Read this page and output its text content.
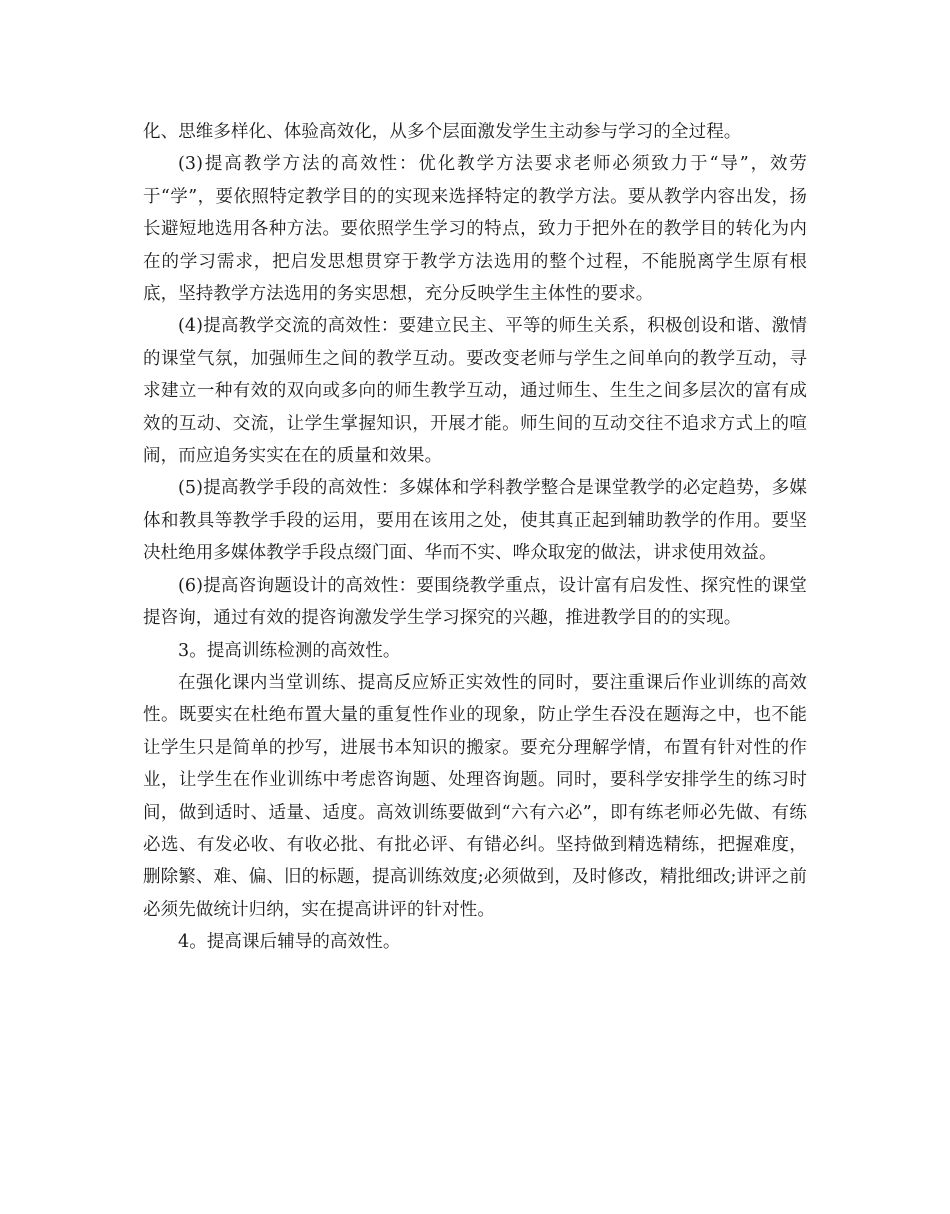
化、思维多样化、体验高效化，从多个层面激发学生主动参与学习的全过程。

(3)提高教学方法的高效性：优化教学方法要求老师必须致力于“导”，效劳于“学”，要依照特定教学目的的实现来选择特定的教学方法。要从教学内容出发，扬长避短地选用各种方法。要依照学生学习的特点，致力于把外在的教学目的转化为内在的学习需求，把启发思想贯穿于教学方法选用的整个过程，不能脱离学生原有根底，坚持教学方法选用的务实思想，充分反映学生主体性的要求。

(4)提高教学交流的高效性：要建立民主、平等的师生关系，积极创设和谐、激情的课堂气氛，加强师生之间的教学互动。要改变老师与学生之间单向的教学互动，寻求建立一种有效的双向或多向的师生教学互动，通过师生、生生之间多层次的富有成效的互动、交流，让学生掌握知识，开展才能。师生间的互动交往不追求方式上的喧闹，而应追务实实在在的质量和效果。

(5)提高教学手段的高效性：多媒体和学科教学整合是课堂教学的必定趋势，多媒体和教具等教学手段的运用，要用在该用之处，使其真正起到辅助教学的作用。要坚决杜绝用多媒体教学手段点缀门面、华而不实、哗众取宠的做法，讲求使用效益。

(6)提高咨询题设计的高效性：要围绕教学重点，设计富有启发性、探究性的课堂提咨询，通过有效的提咨询激发学生学习探究的兴趣，推进教学目的的实现。

3。提高训练检测的高效性。

在强化课内当堂训练、提高反应矫正实效性的同时，要注重课后作业训练的高效性。既要实在杜绝布置大量的重复性作业的现象，防止学生吞没在题海之中，也不能让学生只是简单的抄写，进展书本知识的搬家。要充分理解学情，布置有针对性的作业，让学生在作业训练中考虑咨询题、处理咨询题。同时，要科学安排学生的练习时间，做到适时、适量、适度。高效训练要做到“六有六必”，即有练老师必先做、有练必选、有发必收、有收必批、有批必评、有错必纠。坚持做到精选精练，把握难度，删除繁、难、偏、旧的标题，提高训练效度;必须做到，及时修改，精批细改;讲评之前必须先做统计归纳，实在提高讲评的针对性。

4。提高课后辅导的高效性。
